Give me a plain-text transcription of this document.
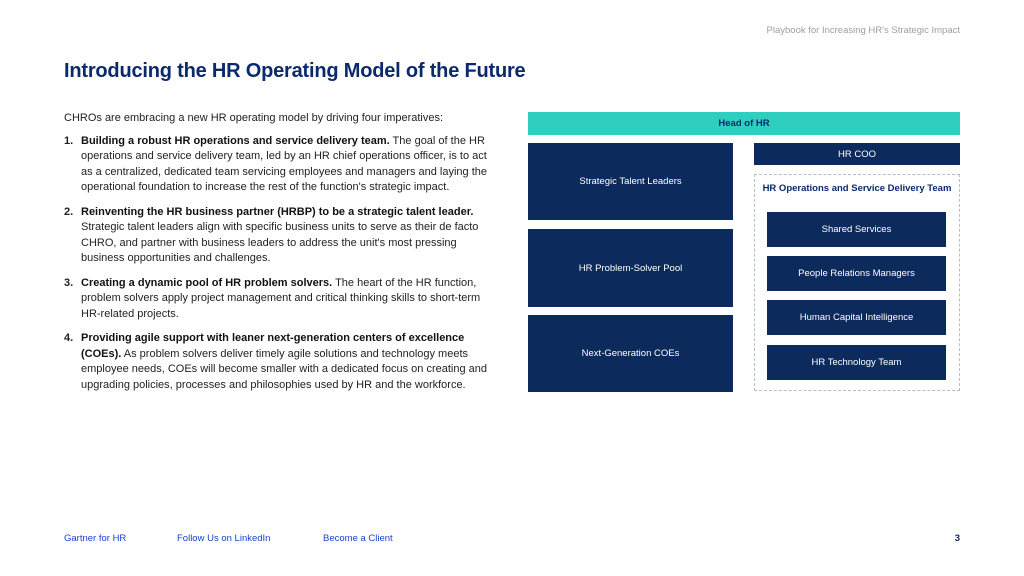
Playbook for Increasing HR's Strategic Impact
Introducing the HR Operating Model of the Future

CHROs are embracing a new HR operating model by driving four imperatives:

1. Building a robust HR operations and service delivery team. The goal of the HR operations and service delivery team, led by an HR chief operations officer, is to act as a centralized, dedicated team servicing employees and managers and laying the operational foundation to increase the rest of the function's strategic impact.
2. Reinventing the HR business partner (HRBP) to be a strategic talent leader. Strategic talent leaders align with specific business units to serve as their de facto CHRO, and partner with business leaders to address the unit's most pressing business opportunities and challenges.
3. Creating a dynamic pool of HR problem solvers. The heart of the HR function, problem solvers apply project management and critical thinking skills to short-term HR-related projects.
4. Providing agile support with leaner next-generation centers of excellence (COEs). As problem solvers deliver timely agile solutions and technology meets employee needs, COEs will become smaller with a dedicated focus on creating and upgrading policies, processes and philosophies used by HR and the workforce.
Head of HR
Strategic Talent Leaders
HR Problem-Solver Pool
Next-Generation COEs
HR COO
HR Operations and Service Delivery Team
Shared Services
People Relations Managers
Human Capital Intelligence
HR Technology Team
Gartner for HR	Follow Us on LinkedIn	Become a Client	3
